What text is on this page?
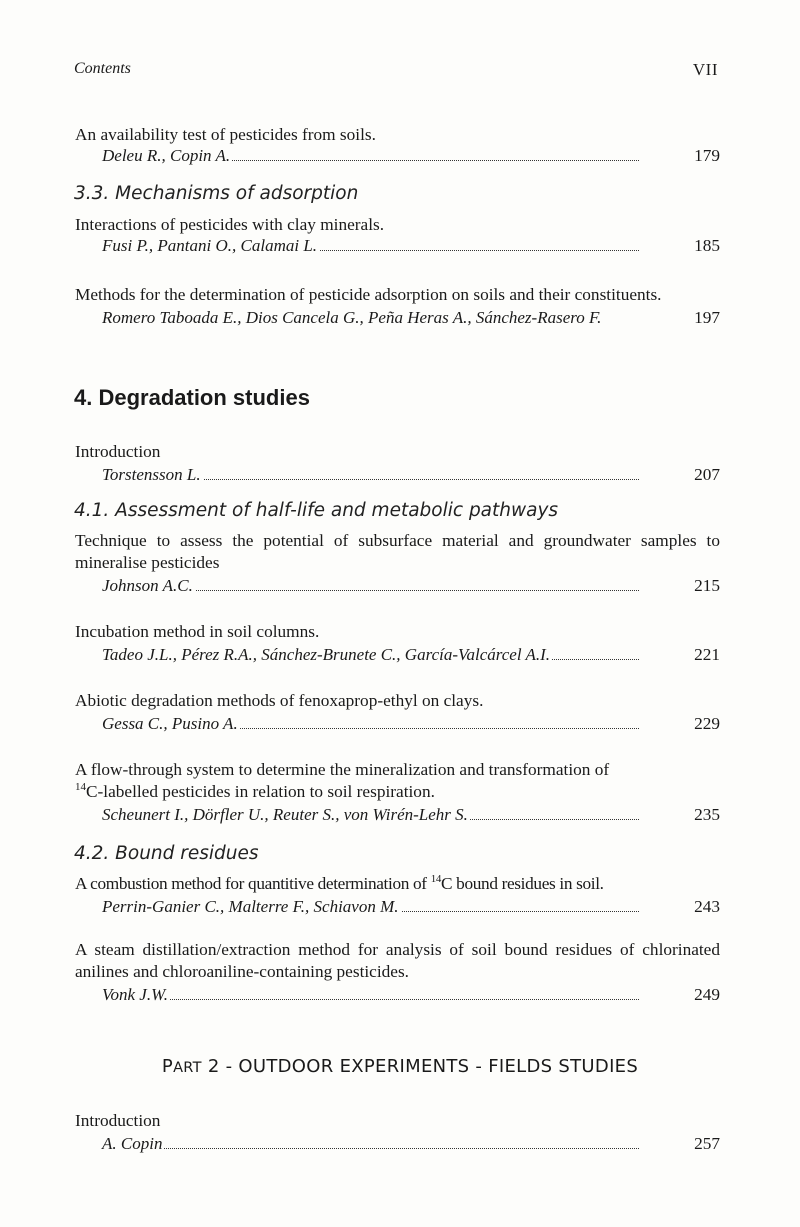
Contents	VII

An availability test of pesticides from soils.

Deleu R., Copin A.	179
3.3. Mechanisms of adsorption

Interactions of pesticides with clay minerals.

Fusi P., Pantani O., Calamai L.	185

Methods for the determination of pesticide adsorption on soils and their constituents.

Romero Taboada E., Dios Cancela G., Peña Heras A., Sánchez-Rasero F.	197
4. Degradation studies

Introduction

Torstensson L.	207
4.1. Assessment of half-life and metabolic pathways

Technique to assess the potential of subsurface material and groundwater samples to mineralise pesticides

Johnson A.C.	215

Incubation method in soil columns.

Tadeo J.L., Pérez R.A., Sánchez-Brunete C., García-Valcárcel A.I.	221

Abiotic degradation methods of fenoxaprop-ethyl on clays.

Gessa C., Pusino A.	229

A flow-through system to determine the mineralization and transformation of
$^{14}$C-labelled pesticides in relation to soil respiration.

Scheunert I., Dörfler U., Reuter S., von Wirén-Lehr S.	235
4.2. Bound residues

A combustion method for quantitive determination of $^{14}$C bound residues in soil.

Perrin-Ganier C., Malterre F., Schiavon M.	243

A steam distillation/extraction method for analysis of soil bound residues of chlorinated anilines and chloroaniline-containing pesticides.

Vonk J.W.	249
PART 2 - OUTDOOR EXPERIMENTS - FIELDS STUDIES

Introduction

A. Copin	257
